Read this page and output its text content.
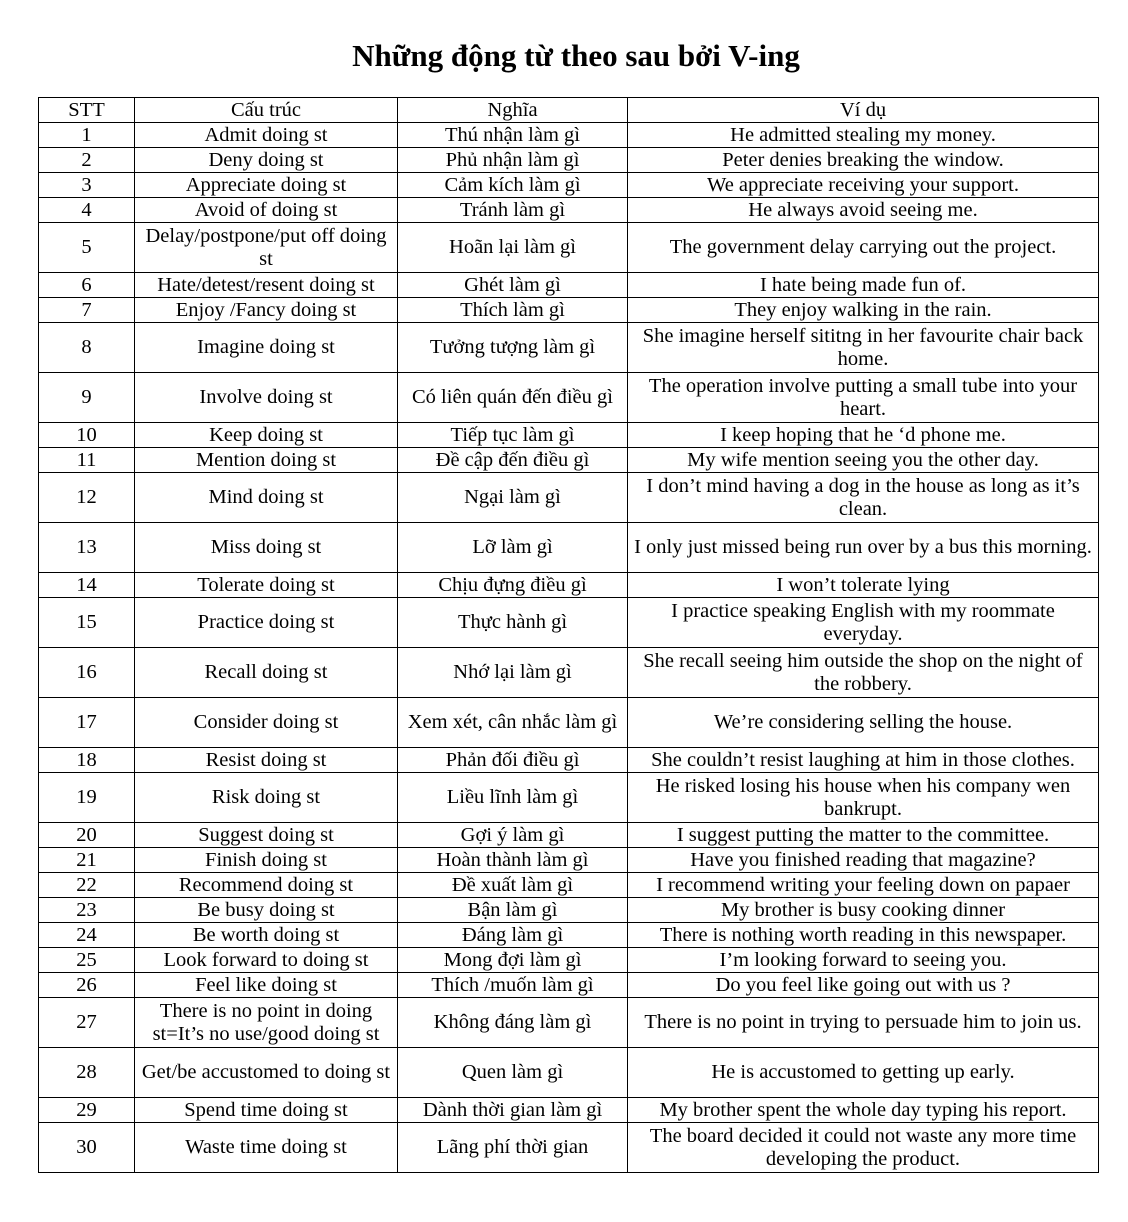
Những động từ theo sau bởi V-ing
STT	Cấu trúc	Nghĩa	Ví dụ
1	Admit doing st	Thú nhận làm gì	He admitted stealing my money.
2	Deny doing st	Phủ nhận làm gì	Peter denies breaking the window.
3	Appreciate doing st	Cảm kích làm gì	We appreciate receiving your support.
4	Avoid of doing st	Tránh làm gì	He always avoid seeing me.
5	Delay/postpone/put off doing st	Hoãn lại làm gì	The government delay carrying out the project.
6	Hate/detest/resent doing st	Ghét làm gì	I hate being made fun of.
7	Enjoy /Fancy doing st	Thích làm gì	They enjoy walking in the rain.
8	Imagine doing st	Tưởng tượng làm gì	She imagine herself sititng in her favourite chair back home.
9	Involve doing st	Có liên quán đến điều gì	The operation involve putting a small tube into your heart.
10	Keep doing st	Tiếp tục làm gì	I keep hoping that he ‘d phone me.
11	Mention doing st	Đề cập đến điều gì	My wife mention seeing you the other day.
12	Mind doing st	Ngại làm gì	I don’t mind having a dog in the house as long as it’s clean.
13	Miss doing st	Lỡ làm gì	I only just missed being run over by a bus this morning.
14	Tolerate doing st	Chịu đựng điều gì	I won’t tolerate lying
15	Practice doing st	Thực hành gì	I practice speaking English with my roommate everyday.
16	Recall doing st	Nhớ lại làm gì	She recall seeing him outside the shop on the night of the robbery.
17	Consider doing st	Xem xét, cân nhắc làm gì	We’re considering selling the house.
18	Resist doing st	Phản đối điều gì	She couldn’t resist laughing at him in those clothes.
19	Risk doing st	Liều lĩnh làm gì	He risked losing his house when his company wen bankrupt.
20	Suggest doing st	Gợi ý làm gì	I suggest putting the matter to the committee.
21	Finish doing st	Hoàn thành làm gì	Have you finished reading that magazine?
22	Recommend doing st	Đề xuất làm gì	I recommend writing your feeling down on papaer
23	Be busy doing st	Bận làm gì	My brother is busy cooking dinner
24	Be worth doing st	Đáng làm gì	There is nothing worth reading in this newspaper.
25	Look forward to doing st	Mong đợi làm gì	I’m looking forward to seeing you.
26	Feel like doing st	Thích /muốn làm gì	Do you feel like going out with us ?
27	There is no point in doing st=It’s no use/good doing st	Không đáng làm gì	There is no point in trying to persuade him to join us.
28	Get/be accustomed to doing st	Quen làm gì	He is accustomed to getting up early.
29	Spend time doing st	Dành thời gian làm gì	My brother spent the whole day typing his report.
30	Waste time doing st	Lãng phí thời gian	The board decided it could not waste any more time developing the product.
